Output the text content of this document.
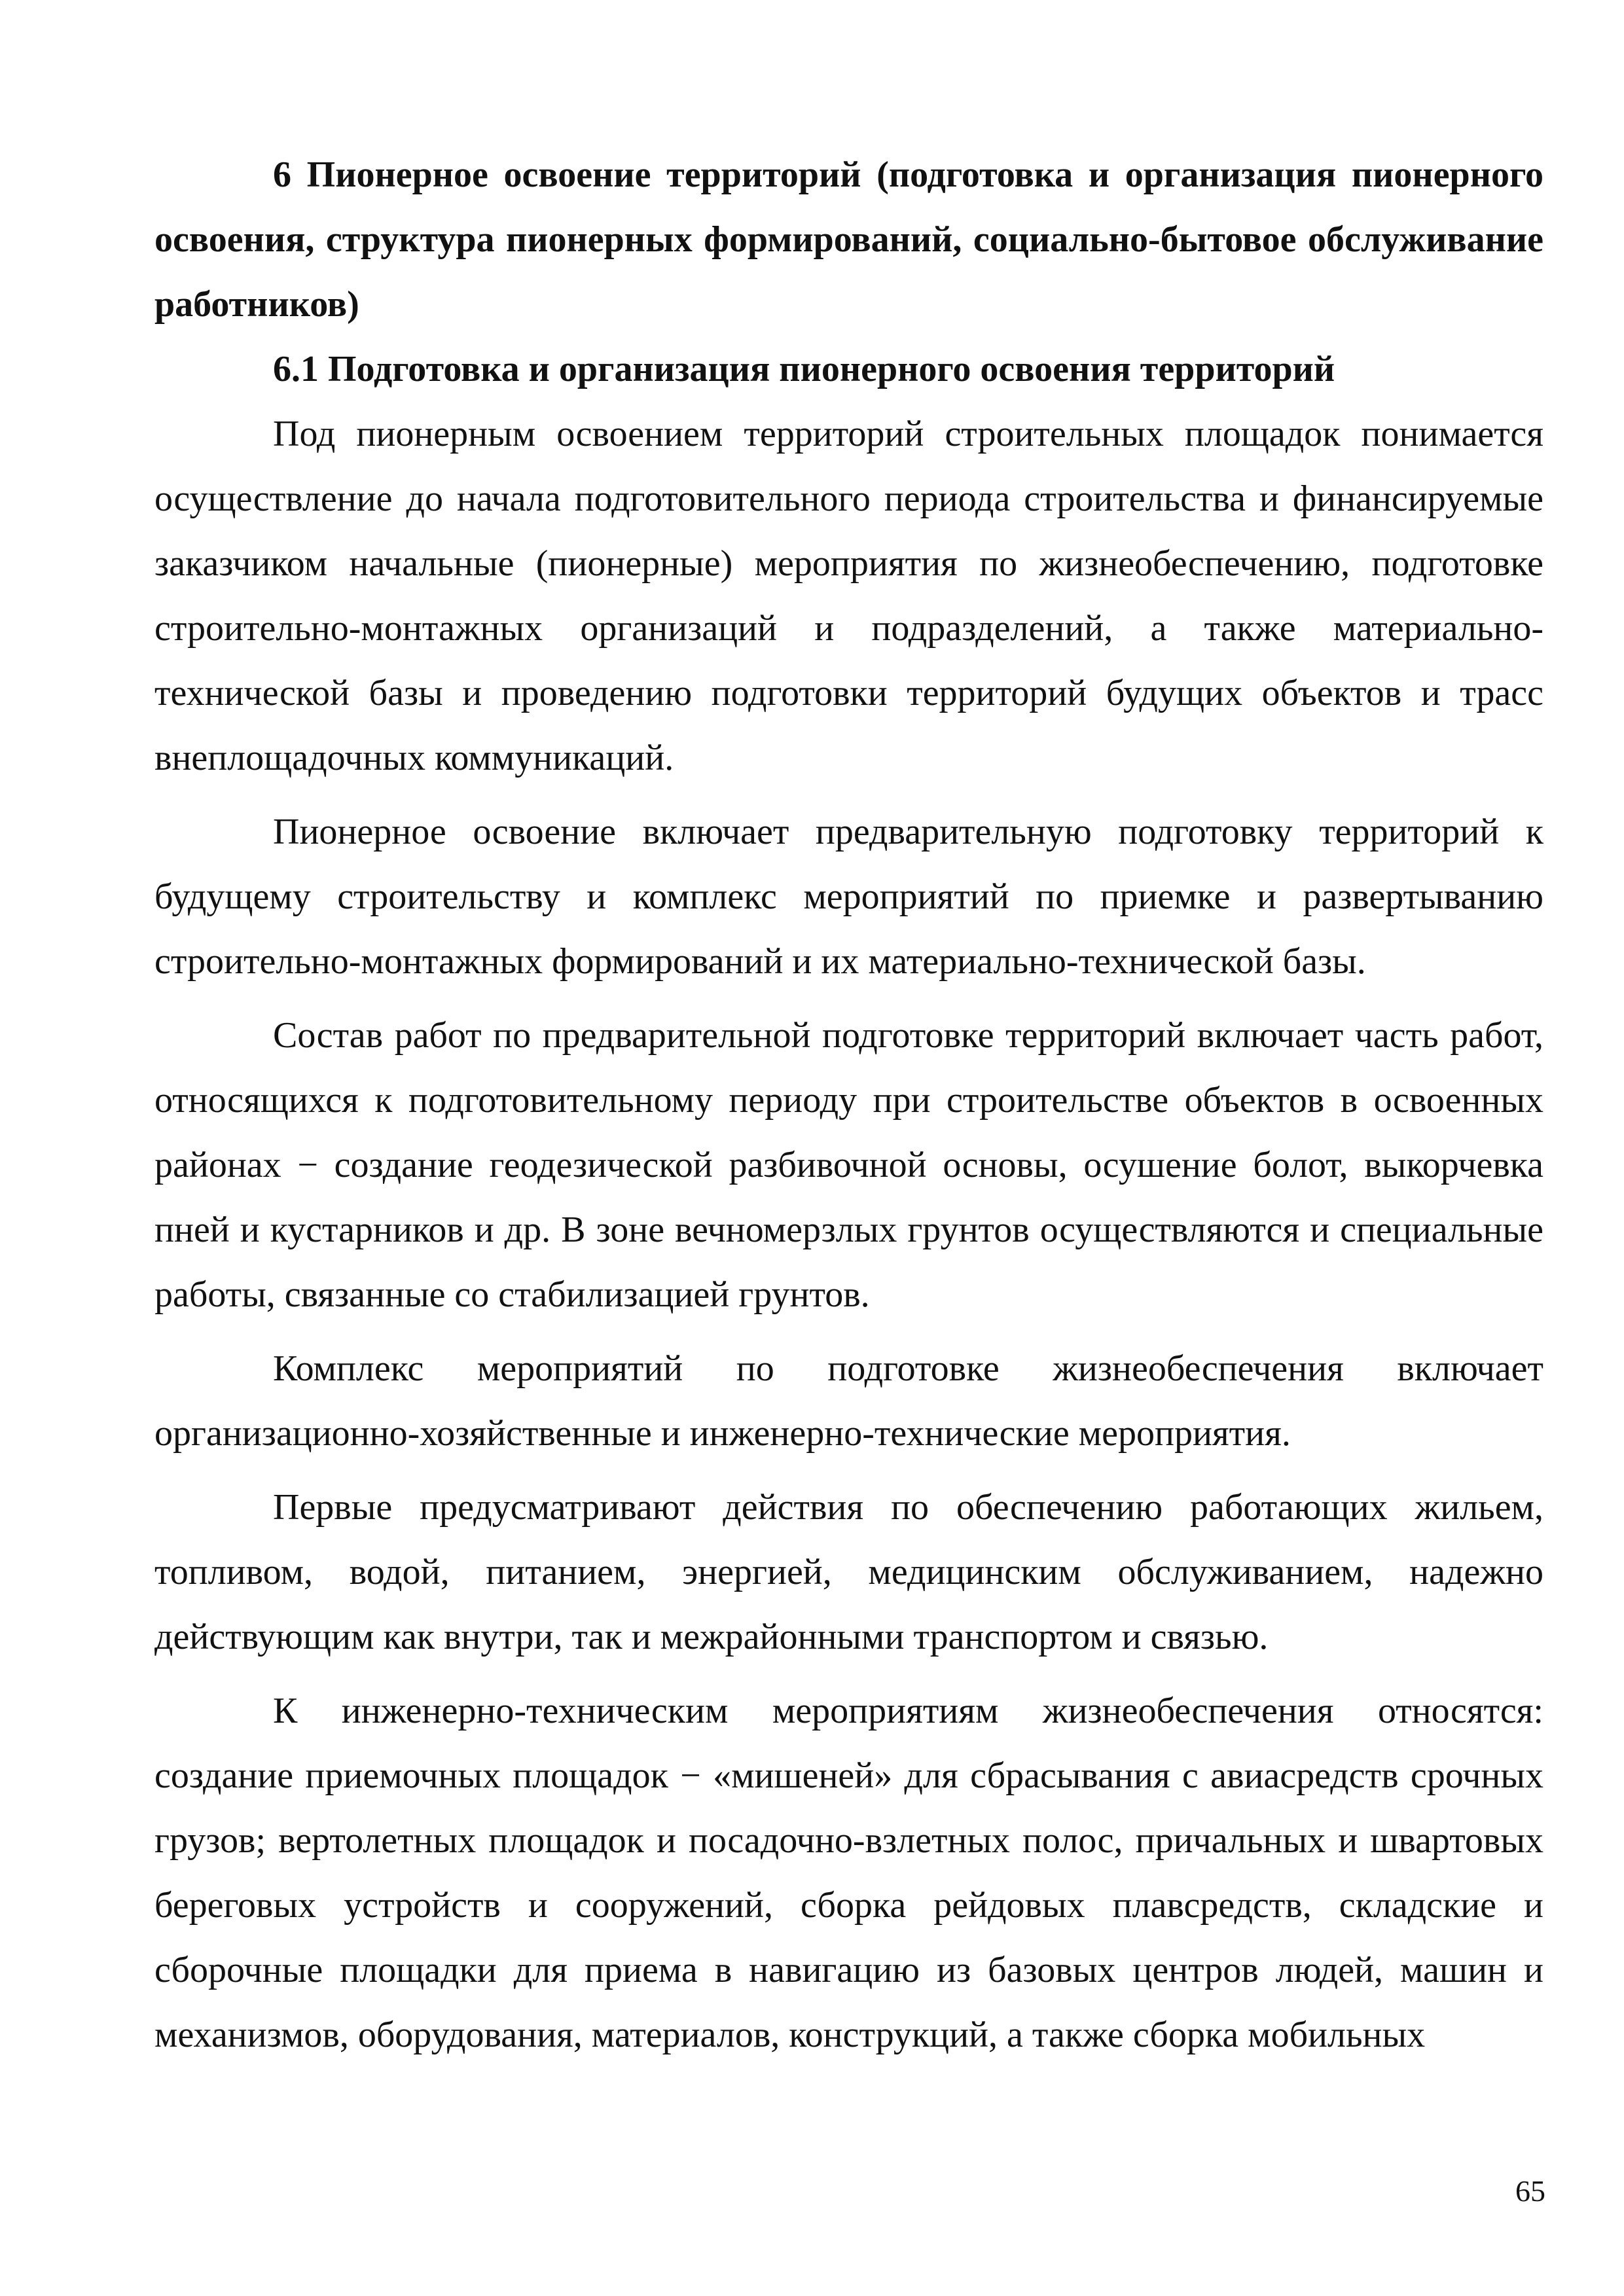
6 Пионерное освоение территорий (подготовка и организация пионерного освоения, структура пионерных формирований, социально-бытовое обслуживание работников)

6.1 Подготовка и организация пионерного освоения территорий

Под пионерным освоением территорий строительных площадок понимается осуществление до начала подготовительного периода строительства и финансируемые заказчиком начальные (пионерные) мероприятия по жизнеобеспечению, подготовке строительно-монтажных организаций и подразделений, а также материально-технической базы и проведению подготовки территорий будущих объектов и трасс внеплощадочных коммуникаций.

Пионерное освоение включает предварительную подготовку территорий к будущему строительству и комплекс мероприятий по приемке и развертыванию строительно-монтажных формирований и их материально-технической базы.

Состав работ по предварительной подготовке территорий включает часть работ, относящихся к подготовительному периоду при строительстве объектов в освоенных районах − создание геодезической разбивочной основы, осушение болот, выкорчевка пней и кустарников и др. В зоне вечномерзлых грунтов осуществляются и специальные работы, связанные со стабилизацией грунтов.

Комплекс мероприятий по подготовке жизнеобеспечения включает организационно-хозяйственные и инженерно-технические мероприятия.

Первые предусматривают действия по обеспечению работающих жильем, топливом, водой, питанием, энергией, медицинским обслуживанием, надежно действующим как внутри, так и межрайонными транспортом и связью.

К инженерно-техническим мероприятиям жизнеобеспечения относятся: создание приемочных площадок − «мишеней» для сбрасывания с авиасредств срочных грузов; вертолетных площадок и посадочно-взлетных полос, причальных и швартовых береговых устройств и сооружений, сборка рейдовых плавсредств, складские и сборочные площадки для приема в навигацию из базовых центров людей, машин и механизмов, оборудования, материалов, конструкций, а также сборка мобильных

65
